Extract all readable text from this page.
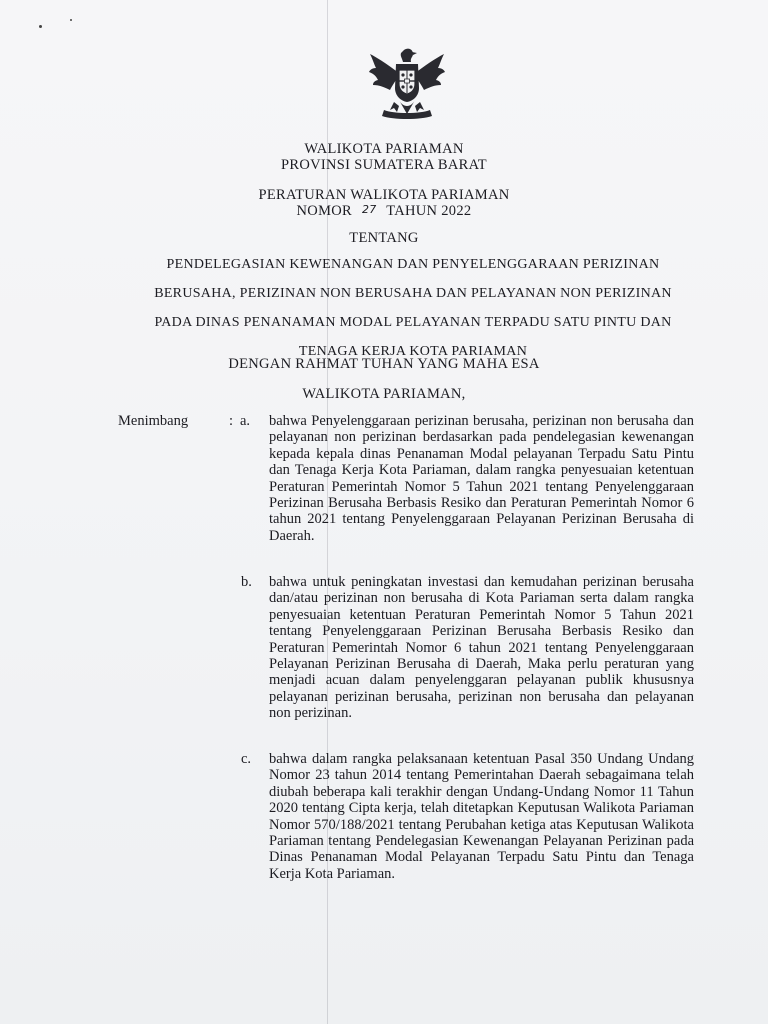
WALIKOTA PARIAMAN
PROVINSI SUMATERA BARAT
PERATURAN WALIKOTA PARIAMAN
NOMOR 27 TAHUN 2022
TENTANG
PENDELEGASIAN KEWENANGAN DAN PENYELENGGARAAN PERIZINAN
BERUSAHA, PERIZINAN NON BERUSAHA DAN PELAYANAN NON PERIZINAN
PADA DINAS PENANAMAN MODAL PELAYANAN TERPADU SATU PINTU DAN
TENAGA KERJA KOTA PARIAMAN
DENGAN RAHMAT TUHAN YANG MAHA ESA
WALIKOTA PARIAMAN,
Menimbang	: a. bahwa Penyelenggaraan perizinan berusaha, perizinan non berusaha dan pelayanan non perizinan berdasarkan pada pendelegasian kewenangan kepada kepala dinas Penanaman Modal pelayanan Terpadu Satu Pintu dan Tenaga Kerja Kota Pariaman, dalam rangka penyesuaian ketentuan Peraturan Pemerintah Nomor 5 Tahun 2021 tentang Penyelenggaraan Perizinan Berusaha Berbasis Resiko dan Peraturan Pemerintah Nomor 6 tahun 2021 tentang Penyelenggaraan Pelayanan Perizinan Berusaha di Daerah.
b. bahwa untuk peningkatan investasi dan kemudahan perizinan berusaha dan/atau perizinan non berusaha di Kota Pariaman serta dalam rangka penyesuaian ketentuan Peraturan Pemerintah Nomor 5 Tahun 2021 tentang Penyelenggaraan Perizinan Berusaha Berbasis Resiko dan Peraturan Pemerintah Nomor 6 tahun 2021 tentang Penyelenggaraan Pelayanan Perizinan Berusaha di Daerah, Maka perlu peraturan yang menjadi acuan dalam penyelenggaran pelayanan publik khususnya pelayanan perizinan berusaha, perizinan non berusaha dan pelayanan non perizinan.
c. bahwa dalam rangka pelaksanaan ketentuan Pasal 350 Undang Undang Nomor 23 tahun 2014 tentang Pemerintahan Daerah sebagaimana telah diubah beberapa kali terakhir dengan Undang-Undang Nomor 11 Tahun 2020 tentang Cipta kerja, telah ditetapkan Keputusan Walikota Pariaman Nomor 570/188/2021 tentang Perubahan ketiga atas Keputusan Walikota Pariaman tentang Pendelegasian Kewenangan Pelayanan Perizinan pada Dinas Penanaman Modal Pelayanan Terpadu Satu Pintu dan Tenaga Kerja Kota Pariaman.
